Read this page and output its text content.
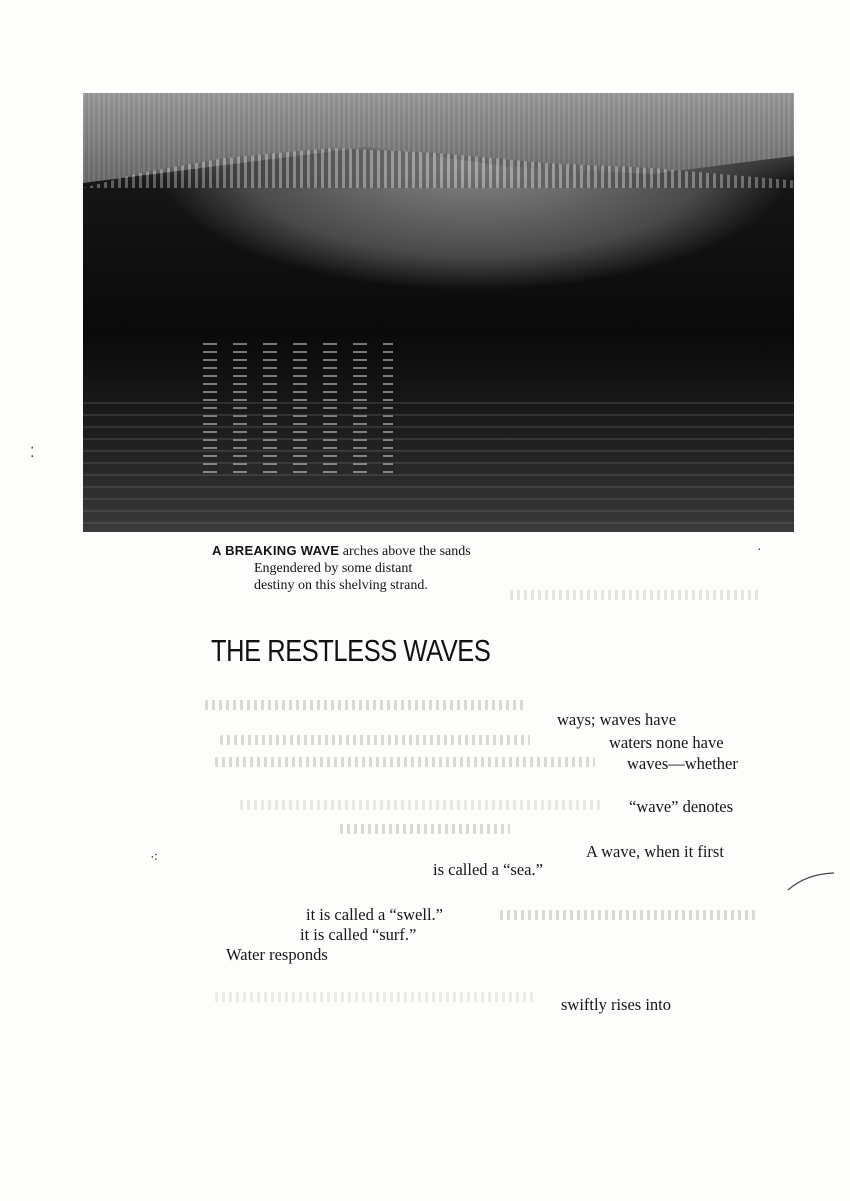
A BREAKING WAVE arches above the sands
Engendered by some distant
destiny on this shelving strand.
THE RESTLESS WAVES
ways; waves have
waters none have
waves—whether
“wave” denotes
A wave, when it first
is called a “sea.”
it is called a “swell.”
it is called “surf.”
Water responds
swiftly rises into
·
⁖
⁚
